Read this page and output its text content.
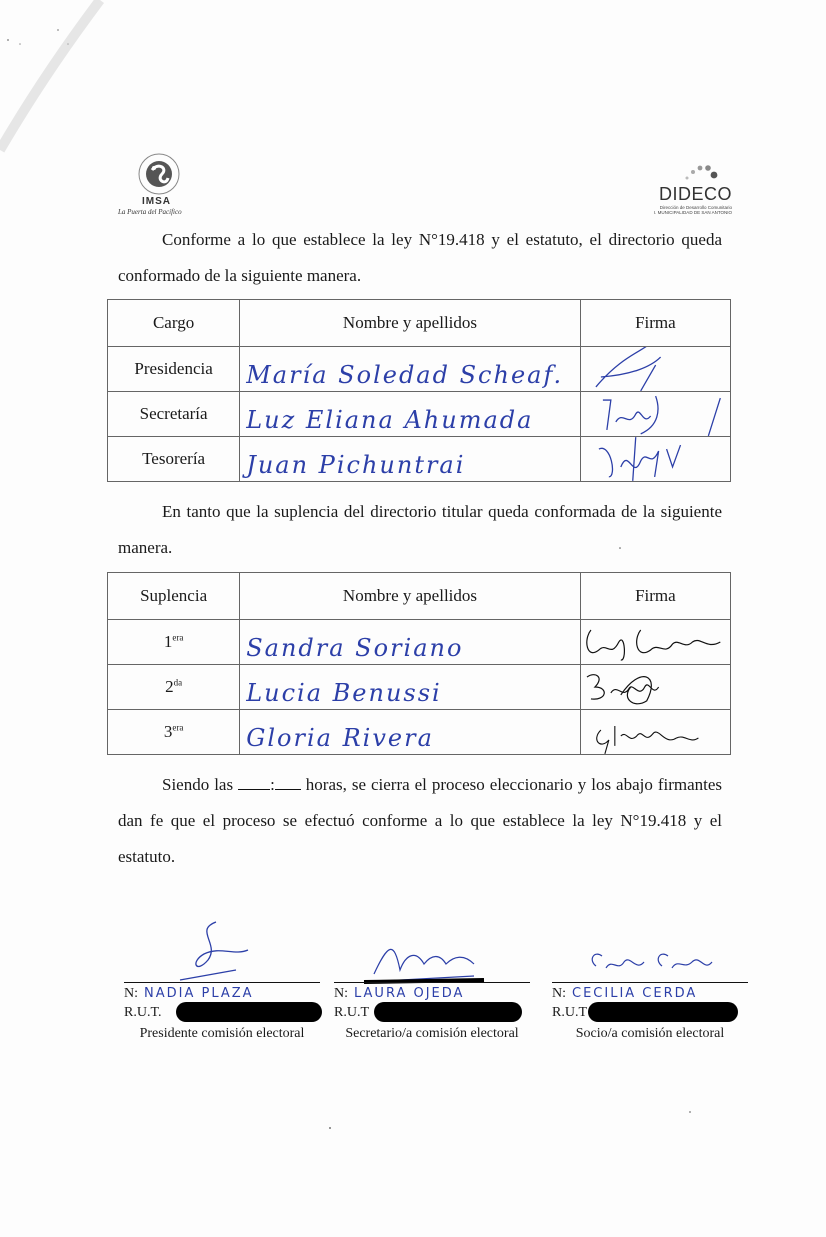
IMSA
La Puerta del Pacífico
DIDECO
Dirección de Desarrollo Comunitario
I. MUNICIPALIDAD DE SAN ANTONIO

Conforme a lo que establece la ley N°19.418 y el estatuto, el directorio queda conformado de la siguiente manera.

Cargo	Nombre y apellidos	Firma
Presidencia	María Soledad Scheaf.

Secretaría	Luz Eliana Ahumada

Tesorería	Juan Pichuntrai

En tanto que la suplencia del directorio titular queda conformada de la siguiente manera.

Suplencia	Nombre y apellidos	Firma
$1^{era}$	Sandra Soriano

$2^{da}$	Lucia Benussi

$3^{era}$	Gloria Rivera

Siendo las : horas, se cierra el proceso eleccionario y los abajo firmantes dan fe que el proceso se efectuó conforme a lo que establece la ley N°19.418 y el estatuto.

N: NADIA PLAZA
R.U.T.
Presidente comisión electoral
N: LAURA OJEDA
R.U.T
Secretario/a comisión electoral
N: CECILIA CERDA
R.U.T
Socio/a comisión electoral
